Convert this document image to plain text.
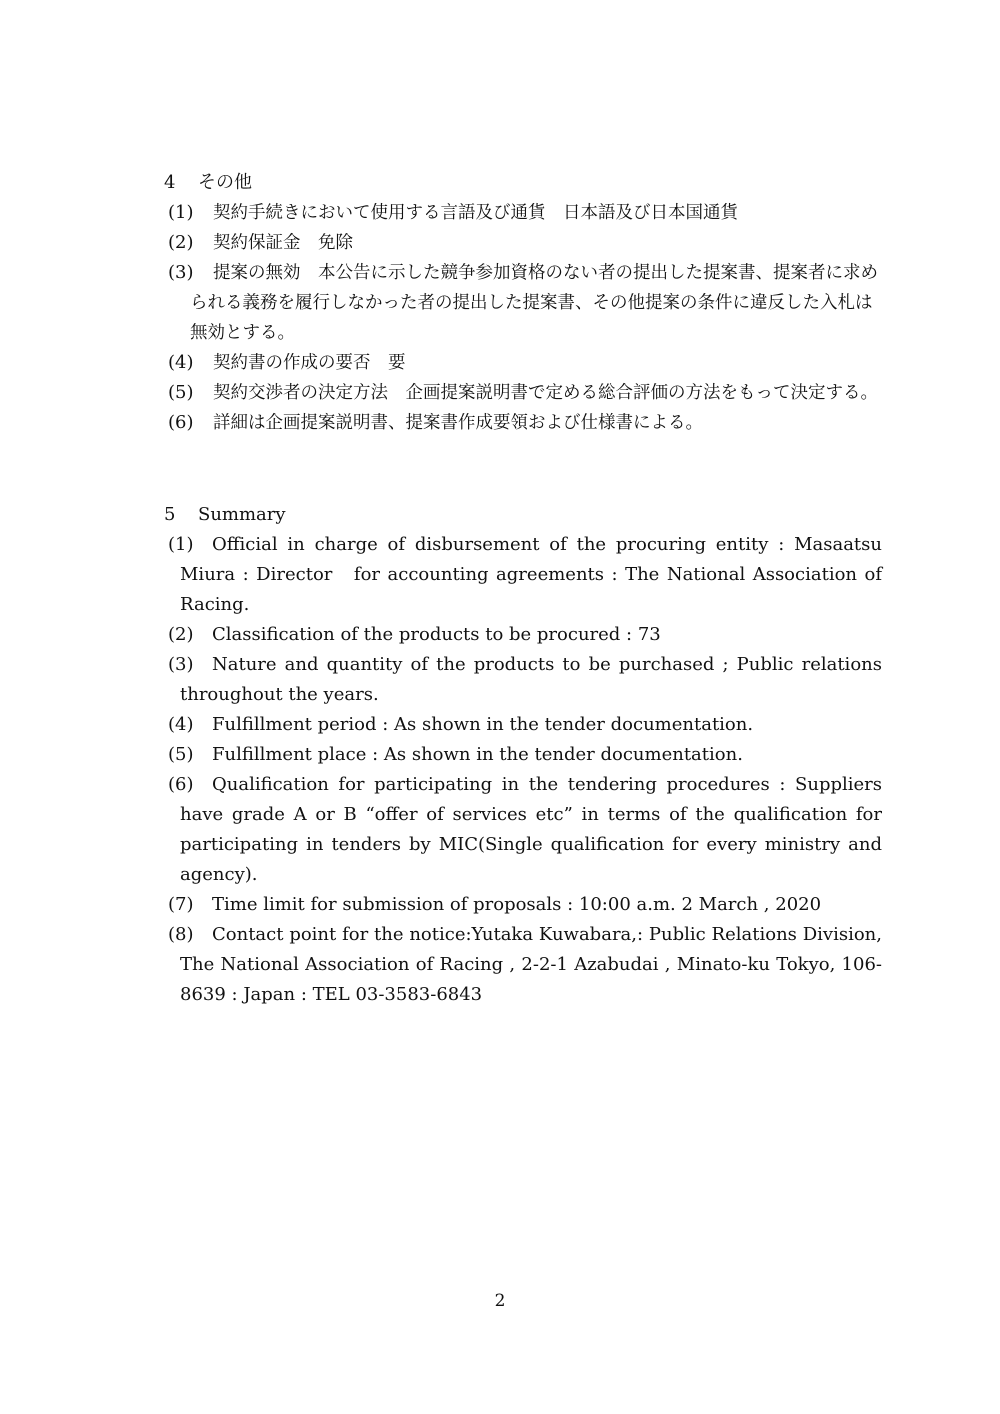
4 その他
(1)	契約手続きにおいて使用する言語及び通貨　日本語及び日本国通貨
(2)	契約保証金　免除
(3)	提案の無効　本公告に示した競争参加資格のない者の提出した提案書、提案者に求められる義務を履行しなかった者の提出した提案書、その他提案の条件に違反した入札は無効とする。
(4)	契約書の作成の要否　要
(5)	契約交渉者の決定方法　企画提案説明書で定める総合評価の方法をもって決定する。
(6)	詳細は企画提案説明書、提案書作成要領および仕様書による。
5 Summary
(1)	Official in charge of disbursement of the procuring entity : Masaatsu Miura : Director　for accounting agreements : The National Association of Racing.
(2)	Classification of the products to be procured : 73
(3)	Nature and quantity of the products to be purchased ; Public relations throughout the years.
(4)	Fulfillment period : As shown in the tender documentation.
(5)	Fulfillment place : As shown in the tender documentation.
(6)	Qualification for participating in the tendering procedures : Suppliers have grade A or B “offer of services etc” in terms of the qualification for participating in tenders by MIC(Single qualification for every ministry and agency).
(7)	Time limit for submission of proposals : 10:00 a.m. 2 March , 2020
(8)	Contact point for the notice:Yutaka Kuwabara,: Public Relations Division, The National Association of Racing , 2-2-1 Azabudai , Minato-ku Tokyo, 106-8639 : Japan : TEL 03-3583-6843
2
